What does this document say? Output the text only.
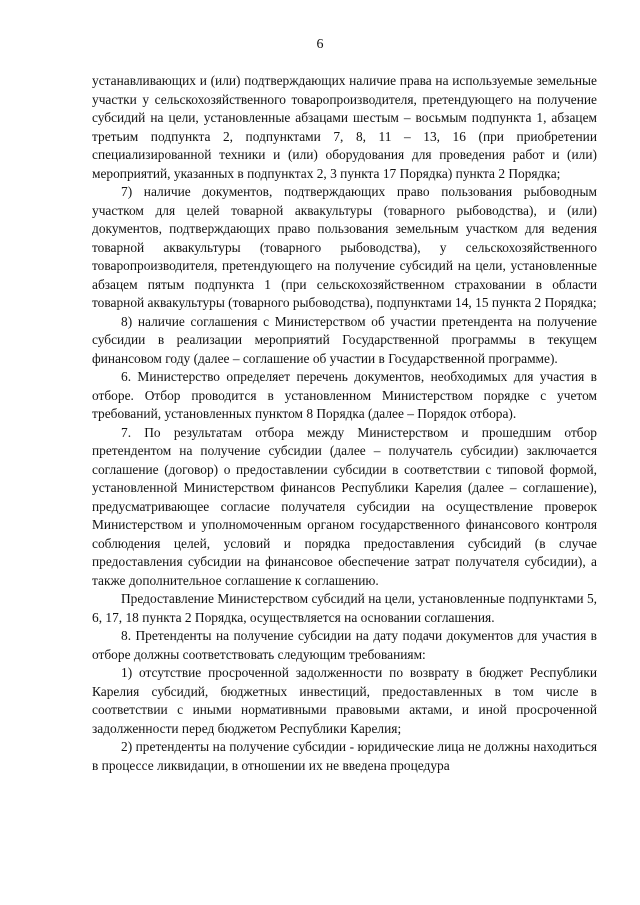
6

устанавливающих и (или) подтверждающих наличие права на используемые земельные участки у сельскохозяйственного товаропроизводителя, претендующего на получение субсидий на цели, установленные абзацами шестым – восьмым подпункта 1, абзацем третьим подпункта 2, подпунктами 7, 8, 11 – 13, 16 (при приобретении специализированной техники и (или) оборудования для проведения работ и (или) мероприятий, указанных в подпунктах 2, 3 пункта 17 Порядка) пункта 2 Порядка;

7) наличие документов, подтверждающих право пользования рыбоводным участком для целей товарной аквакультуры (товарного рыбоводства), и (или) документов, подтверждающих право пользования земельным участком для ведения товарной аквакультуры (товарного рыбоводства), у сельскохозяйственного товаропроизводителя, претендующего на получение субсидий на цели, установленные абзацем пятым подпункта 1 (при сельскохозяйственном страховании в области товарной аквакультуры (товарного рыбоводства), подпунктами 14, 15 пункта 2 Порядка;

8) наличие соглашения с Министерством об участии претендента на получение субсидии в реализации мероприятий Государственной программы в текущем финансовом году (далее – соглашение об участии в Государственной программе).

6. Министерство определяет перечень документов, необходимых для участия в отборе. Отбор проводится в установленном Министерством порядке с учетом требований, установленных пунктом 8 Порядка (далее – Порядок отбора).

7. По результатам отбора между Министерством и прошедшим отбор претендентом на получение субсидии (далее – получатель субсидии) заключается соглашение (договор) о предоставлении субсидии в соответствии с типовой формой, установленной Министерством финансов Республики Карелия (далее – соглашение), предусматривающее согласие получателя субсидии на осуществление проверок Министерством и уполномоченным органом государственного финансового контроля соблюдения целей, условий и порядка предоставления субсидий (в случае предоставления субсидии на финансовое обеспечение затрат получателя субсидии), а также дополнительное соглашение к соглашению.

Предоставление Министерством субсидий на цели, установленные подпунктами 5, 6, 17, 18 пункта 2 Порядка, осуществляется на основании соглашения.

8. Претенденты на получение субсидии на дату подачи документов для участия в отборе должны соответствовать следующим требованиям:

1) отсутствие просроченной задолженности по возврату в бюджет Республики Карелия субсидий, бюджетных инвестиций, предоставленных в том числе в соответствии с иными нормативными правовыми актами, и иной просроченной задолженности перед бюджетом Республики Карелия;

2) претенденты на получение субсидии - юридические лица не должны находиться в процессе ликвидации, в отношении их не введена процедура
